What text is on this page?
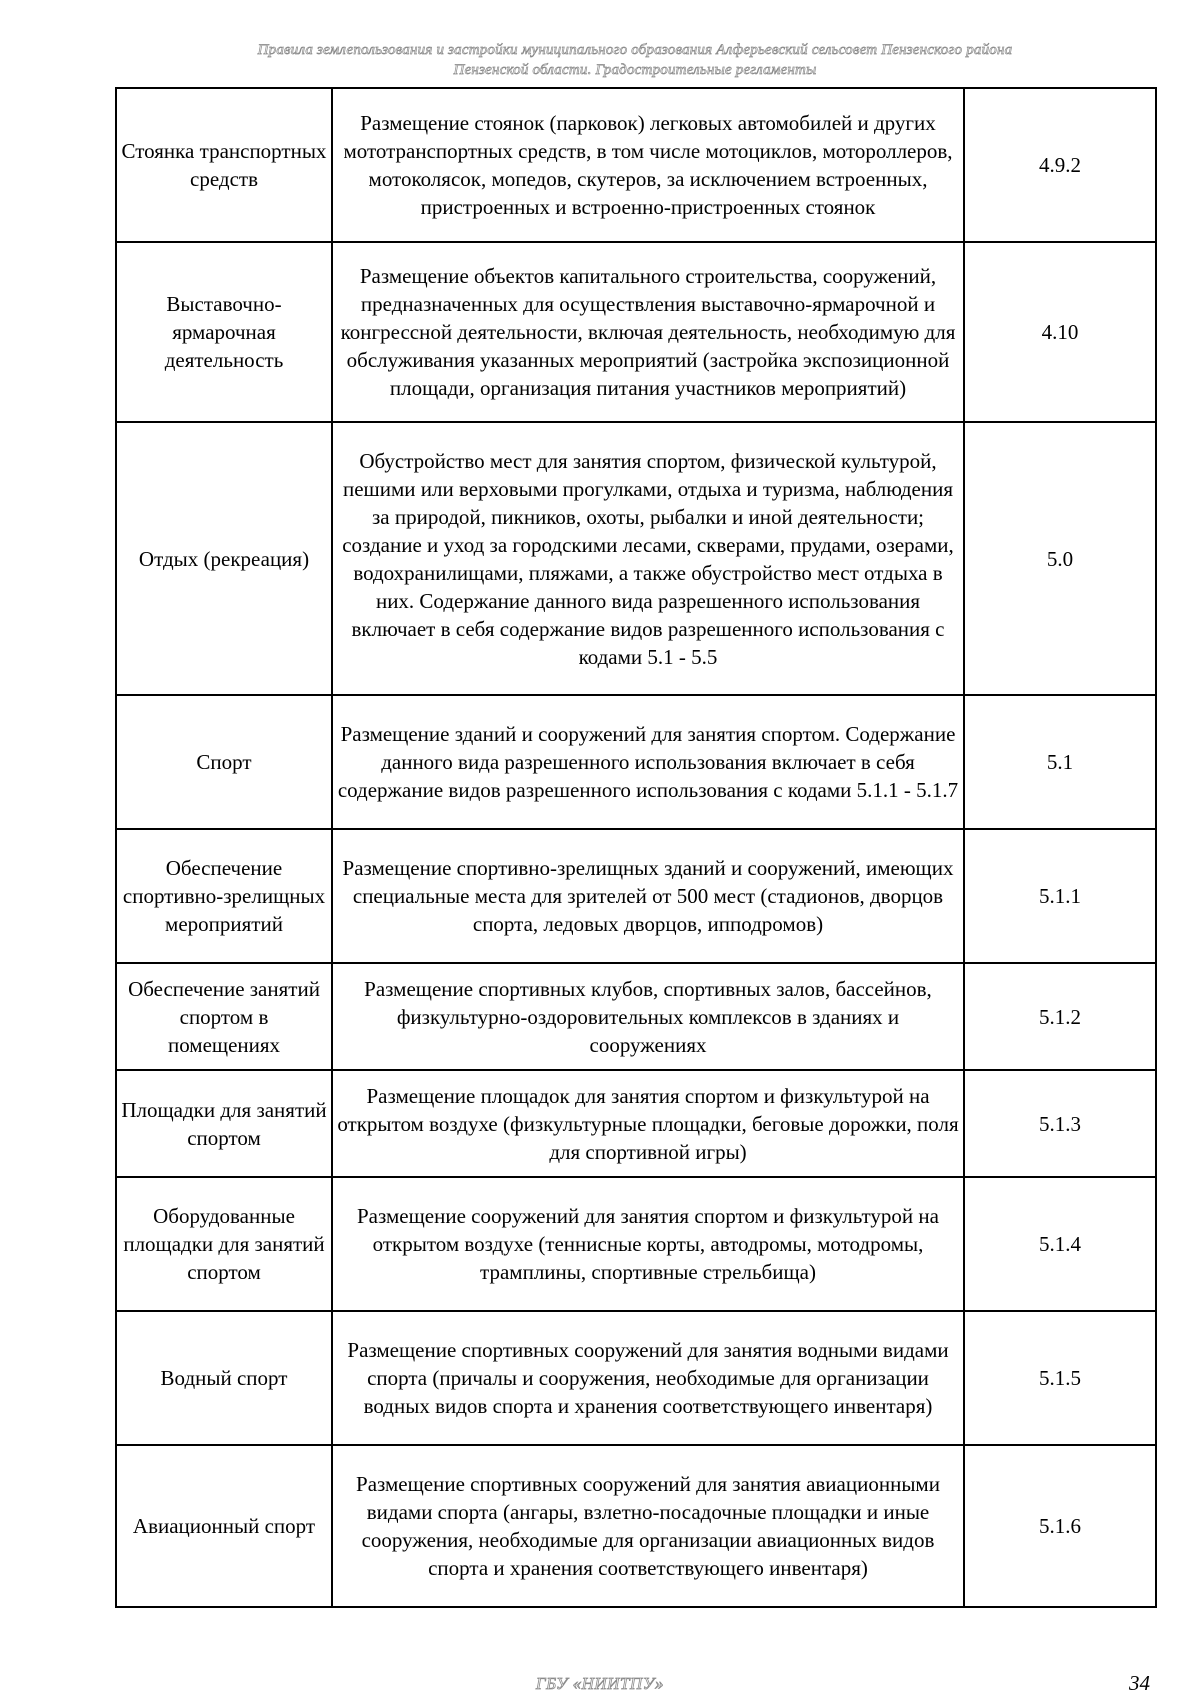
Правила землепользования и застройки муниципального образования Алферьевский сельсовет Пензенского района
Пензенской области. Градостроительные регламенты
Стоянка транспортных средств	Размещение стоянок (парковок) легковых автомобилей и других мототранспортных средств, в том числе мотоциклов, мотороллеров, мотоколясок, мопедов, скутеров, за исключением встроенных, пристроенных и встроенно-пристроенных стоянок	4.9.2
Выставочно-ярмарочная деятельность	Размещение объектов капитального строительства, сооружений, предназначенных для осуществления выставочно-ярмарочной и конгрессной деятельности, включая деятельность, необходимую для обслуживания указанных мероприятий (застройка экспозиционной площади, организация питания участников мероприятий)	4.10
Отдых (рекреация)	Обустройство мест для занятия спортом, физической культурой, пешими или верховыми прогулками, отдыха и туризма, наблюдения за природой, пикников, охоты, рыбалки и иной деятельности; создание и уход за городскими лесами, скверами, прудами, озерами, водохранилищами, пляжами, а также обустройство мест отдыха в них. Содержание данного вида разрешенного использования включает в себя содержание видов разрешенного использования с кодами 5.1 - 5.5	5.0
Спорт	Размещение зданий и сооружений для занятия спортом. Содержание данного вида разрешенного использования включает в себя содержание видов разрешенного использования с кодами 5.1.1 - 5.1.7	5.1
Обеспечение спортивно-зрелищных мероприятий	Размещение спортивно-зрелищных зданий и сооружений, имеющих специальные места для зрителей от 500 мест (стадионов, дворцов спорта, ледовых дворцов, ипподромов)	5.1.1
Обеспечение занятий спортом в помещениях	Размещение спортивных клубов, спортивных залов, бассейнов, физкультурно-оздоровительных комплексов в зданиях и сооружениях	5.1.2
Площадки для занятий спортом	Размещение площадок для занятия спортом и физкультурой на открытом воздухе (физкультурные площадки, беговые дорожки, поля для спортивной игры)	5.1.3
Оборудованные площадки для занятий спортом	Размещение сооружений для занятия спортом и физкультурой на открытом воздухе (теннисные корты, автодромы, мотодромы, трамплины, спортивные стрельбища)	5.1.4
Водный спорт	Размещение спортивных сооружений для занятия водными видами спорта (причалы и сооружения, необходимые для организации водных видов спорта и хранения соответствующего инвентаря)	5.1.5
Авиационный спорт	Размещение спортивных сооружений для занятия авиационными видами спорта (ангары, взлетно-посадочные площадки и иные сооружения, необходимые для организации авиационных видов спорта и хранения соответствующего инвентаря)	5.1.6
ГБУ «НИИТПУ»	34
